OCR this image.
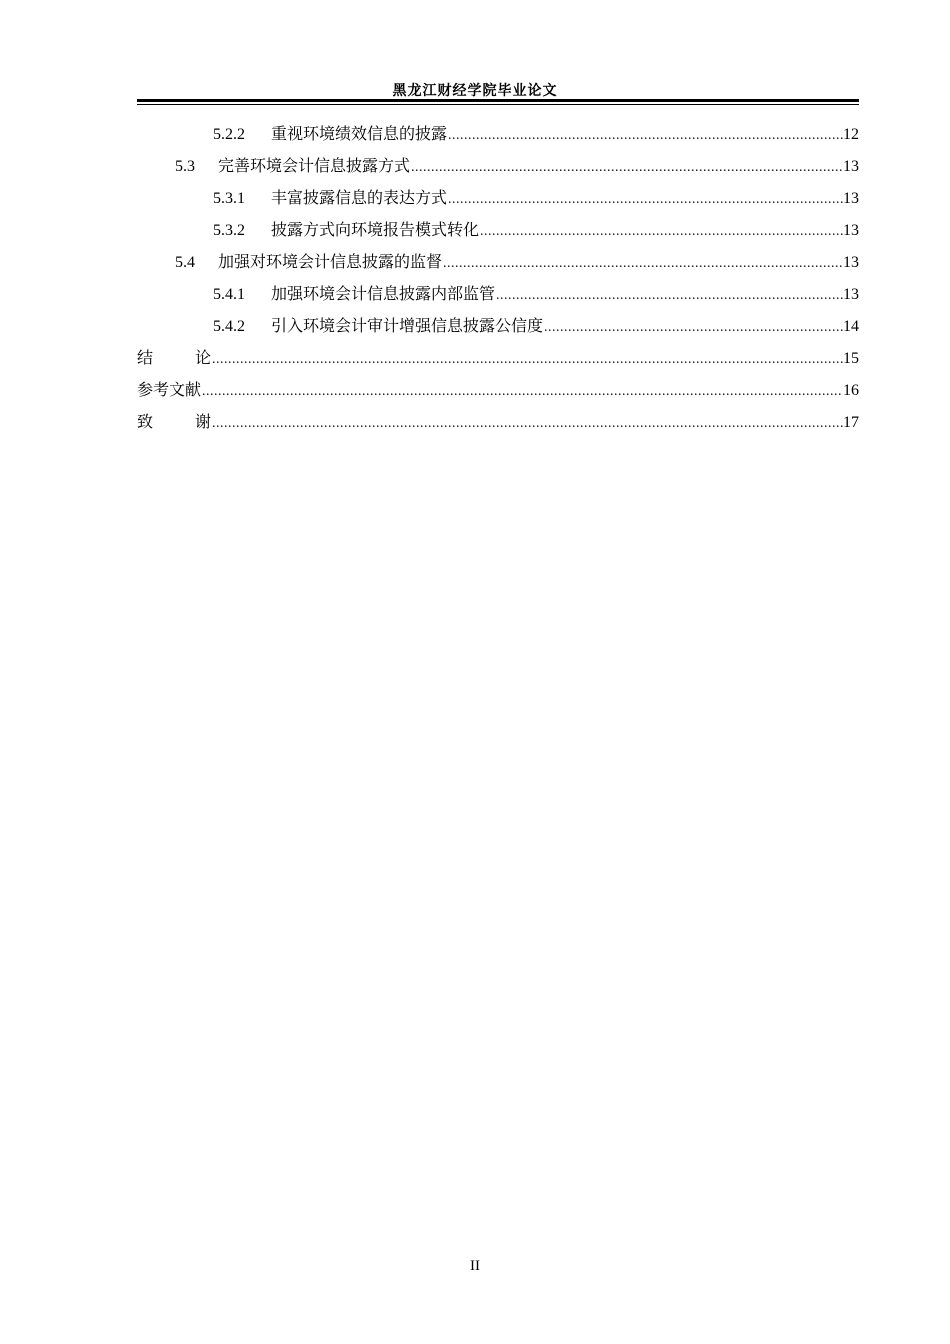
黑龙江财经学院毕业论文
5.2.2	重视环境绩效信息的披露 .....	12
5.3	完善环境会计信息披露方式 .....	13
5.3.1	丰富披露信息的表达方式 .....	13
5.3.2	披露方式向环境报告模式转化 .....	13
5.4	加强对环境会计信息披露的监督 .....	13
5.4.1	加强环境会计信息披露内部监管 .....	13
5.4.2	引入环境会计审计增强信息披露公信度 .....	14
结	论 .....	15
参考文献 .....	16
致	谢 .....	17
II
